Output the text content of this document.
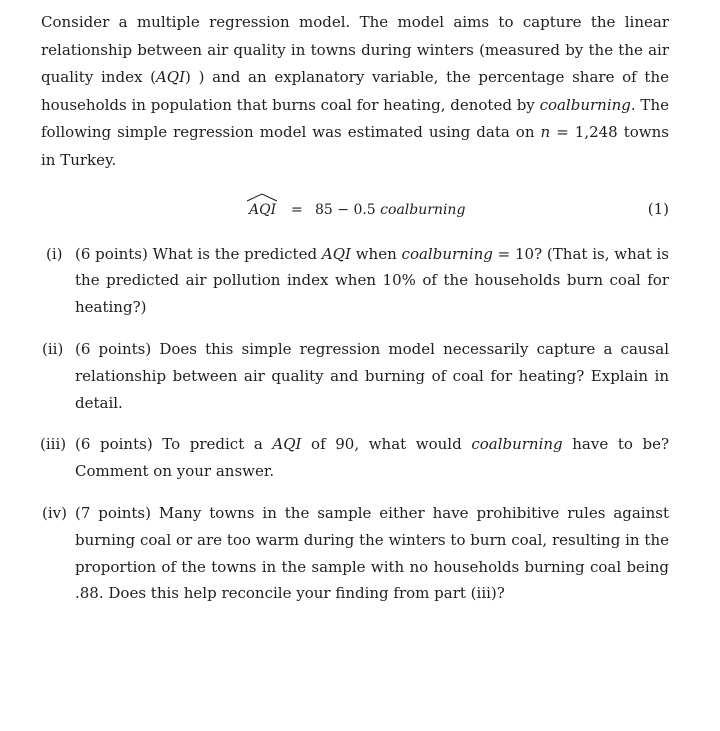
Consider a multiple regression model. The model aims to capture the linear relationship between air quality in towns during winters (measured by the the air quality index (AQI) ) and an explanatory variable, the percentage share of the households in population that burns coal for heating, denoted by coalburning. The following simple regression model was estimated using data on n = 1,248 towns in Turkey.

AQI = 85 − 0.5 coalburning	(1)
(i) (6 points) What is the predicted AQI when coalburning = 10? (That is, what is the predicted air pollution index when 10% of the households burn coal for heating?)
(ii) (6 points) Does this simple regression model necessarily capture a causal relationship between air quality and burning of coal for heating? Explain in detail.
(iii) (6 points) To predict a AQI of 90, what would coalburning have to be? Comment on your answer.
(iv) (7 points) Many towns in the sample either have prohibitive rules against burning coal or are too warm during the winters to burn coal, resulting in the proportion of the towns in the sample with no households burning coal being .88. Does this help reconcile your finding from part (iii)?
